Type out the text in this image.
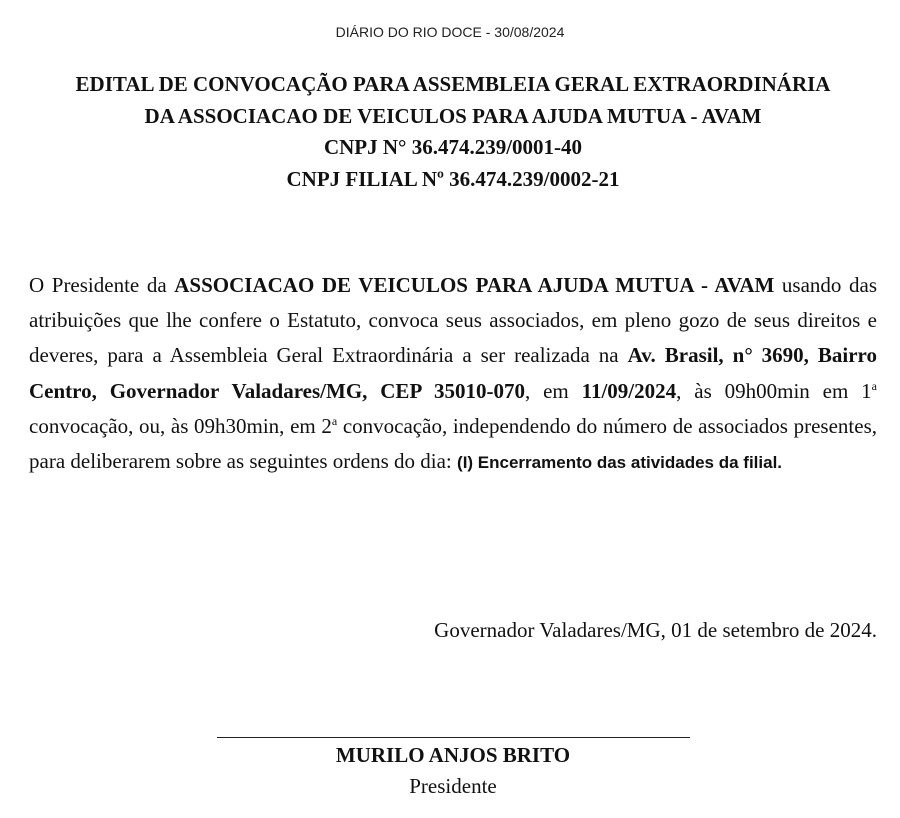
DIÁRIO DO RIO DOCE - 30/08/2024
EDITAL DE CONVOCAÇÃO PARA ASSEMBLEIA GERAL EXTRAORDINÁRIA
DA ASSOCIACAO DE VEICULOS PARA AJUDA MUTUA - AVAM
CNPJ N° 36.474.239/0001-40
CNPJ FILIAL Nº 36.474.239/0002-21
O Presidente da ASSOCIACAO DE VEICULOS PARA AJUDA MUTUA - AVAM usando das atribuições que lhe confere o Estatuto, convoca seus associados, em pleno gozo de seus direitos e deveres, para a Assembleia Geral Extraordinária a ser realizada na Av. Brasil, n° 3690, Bairro Centro, Governador Valadares/MG, CEP 35010-070, em 11/09/2024, às 09h00min em 1$^a$ convocação, ou, às 09h30min, em 2$^a$ convocação, independendo do número de associados presentes, para deliberarem sobre as seguintes ordens do dia: (I) Encerramento das atividades da filial.
Governador Valadares/MG, 01 de setembro de 2024.
MURILO ANJOS BRITO
Presidente
